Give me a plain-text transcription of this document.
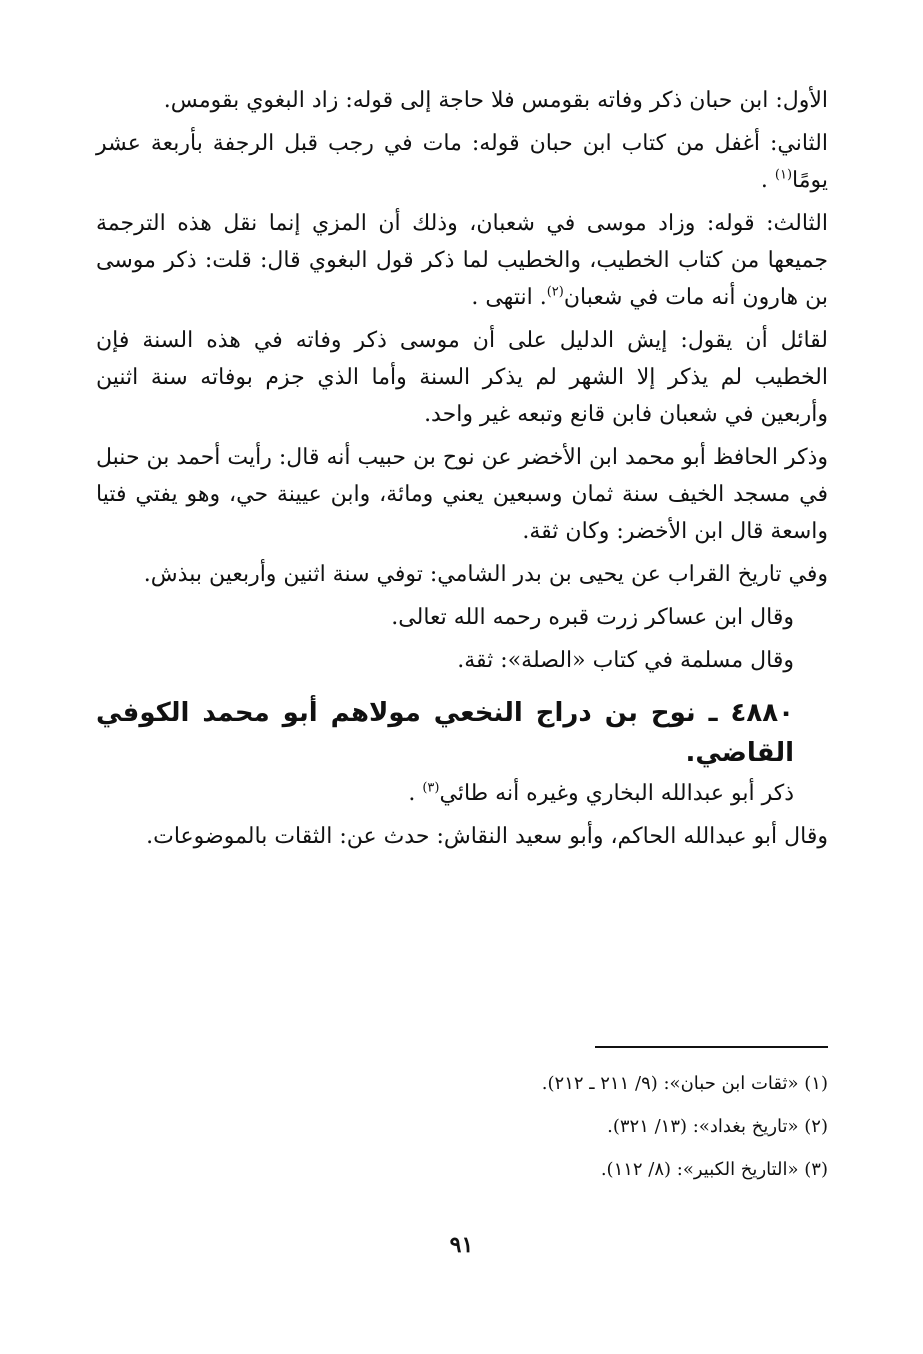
الأول: ابن حبان ذكر وفاته بقومس فلا حاجة إلى قوله: زاد البغوي بقومس.

الثاني: أغفل من كتاب ابن حبان قوله: مات في رجب قبل الرجفة بأربعة عشر يومًا$^{(١)}$ .

الثالث: قوله: وزاد موسى في شعبان، وذلك أن المزي إنما نقل هذه الترجمة جميعها من كتاب الخطيب، والخطيب لما ذكر قول البغوي قال: قلت: ذكر موسى بن هارون أنه مات في شعبان$^{(٢)}$. انتهى .

لقائل أن يقول: إيش الدليل على أن موسى ذكر وفاته في هذه السنة فإن الخطيب لم يذكر إلا الشهر لم يذكر السنة وأما الذي جزم بوفاته سنة اثنين وأربعين في شعبان فابن قانع وتبعه غير واحد.

وذكر الحافظ أبو محمد ابن الأخضر عن نوح بن حبيب أنه قال: رأيت أحمد بن حنبل في مسجد الخيف سنة ثمان وسبعين يعني ومائة، وابن عيينة حي، وهو يفتي فتيا واسعة قال ابن الأخضر: وكان ثقة.

وفي تاريخ القراب عن يحيى بن بدر الشامي: توفي سنة اثنين وأربعين ببذش.

وقال ابن عساكر زرت قبره رحمه الله تعالى.

وقال مسلمة في كتاب «الصلة»: ثقة.

٤٨٨٠ ـ نوح بن دراج النخعي مولاهم أبو محمد الكوفي القاضي.

ذكر أبو عبدالله البخاري وغيره أنه طائي$^{(٣)}$ .

وقال أبو عبدالله الحاكم، وأبو سعيد النقاش: حدث عن: الثقات بالموضوعات.

(١) «ثقات ابن حبان»: (٩/ ٢١١ ـ ٢١٢).

(٢) «تاريخ بغداد»: (١٣/ ٣٢١).

(٣) «التاريخ الكبير»: (٨/ ١١٢).

٩١
